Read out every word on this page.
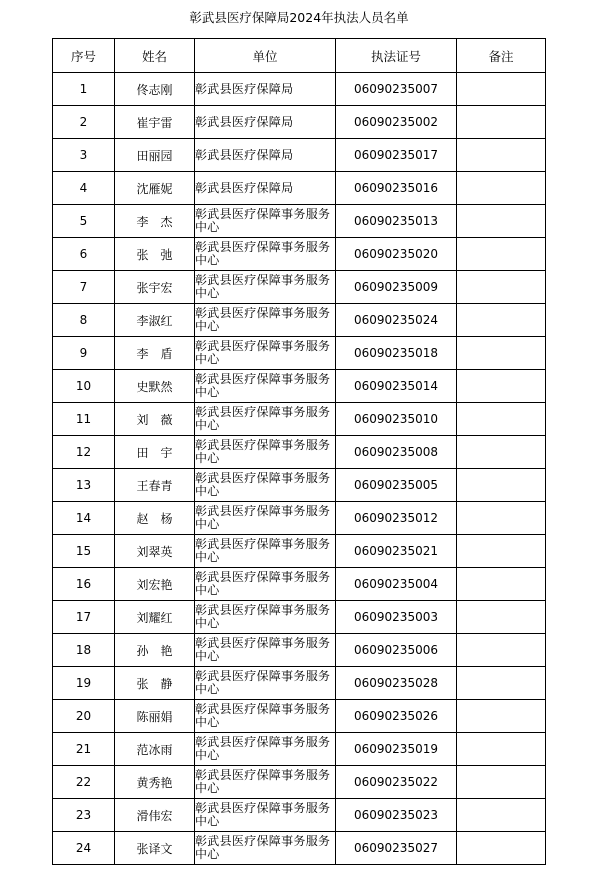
彰武县医疗保障局2024年执法人员名单
序号	姓名	单位	执法证号	备注
1	佟志刚	彰武县医疗保障局	06090235007	
2	崔宇雷	彰武县医疗保障局	06090235002	
3	田丽园	彰武县医疗保障局	06090235017	
4	沈雁妮	彰武县医疗保障局	06090235016	
5	李　杰	彰武县医疗保障事务服务中心	06090235013	
6	张　弛	彰武县医疗保障事务服务中心	06090235020	
7	张宇宏	彰武县医疗保障事务服务中心	06090235009	
8	李淑红	彰武县医疗保障事务服务中心	06090235024	
9	李　盾	彰武县医疗保障事务服务中心	06090235018	
10	史默然	彰武县医疗保障事务服务中心	06090235014	
11	刘　薇	彰武县医疗保障事务服务中心	06090235010	
12	田　宇	彰武县医疗保障事务服务中心	06090235008	
13	王春青	彰武县医疗保障事务服务中心	06090235005	
14	赵　杨	彰武县医疗保障事务服务中心	06090235012	
15	刘翠英	彰武县医疗保障事务服务中心	06090235021	
16	刘宏艳	彰武县医疗保障事务服务中心	06090235004	
17	刘耀红	彰武县医疗保障事务服务中心	06090235003	
18	孙　艳	彰武县医疗保障事务服务中心	06090235006	
19	张　静	彰武县医疗保障事务服务中心	06090235028	
20	陈丽娟	彰武县医疗保障事务服务中心	06090235026	
21	范冰雨	彰武县医疗保障事务服务中心	06090235019	
22	黄秀艳	彰武县医疗保障事务服务中心	06090235022	
23	滑伟宏	彰武县医疗保障事务服务中心	06090235023	
24	张译文	彰武县医疗保障事务服务中心	06090235027	
